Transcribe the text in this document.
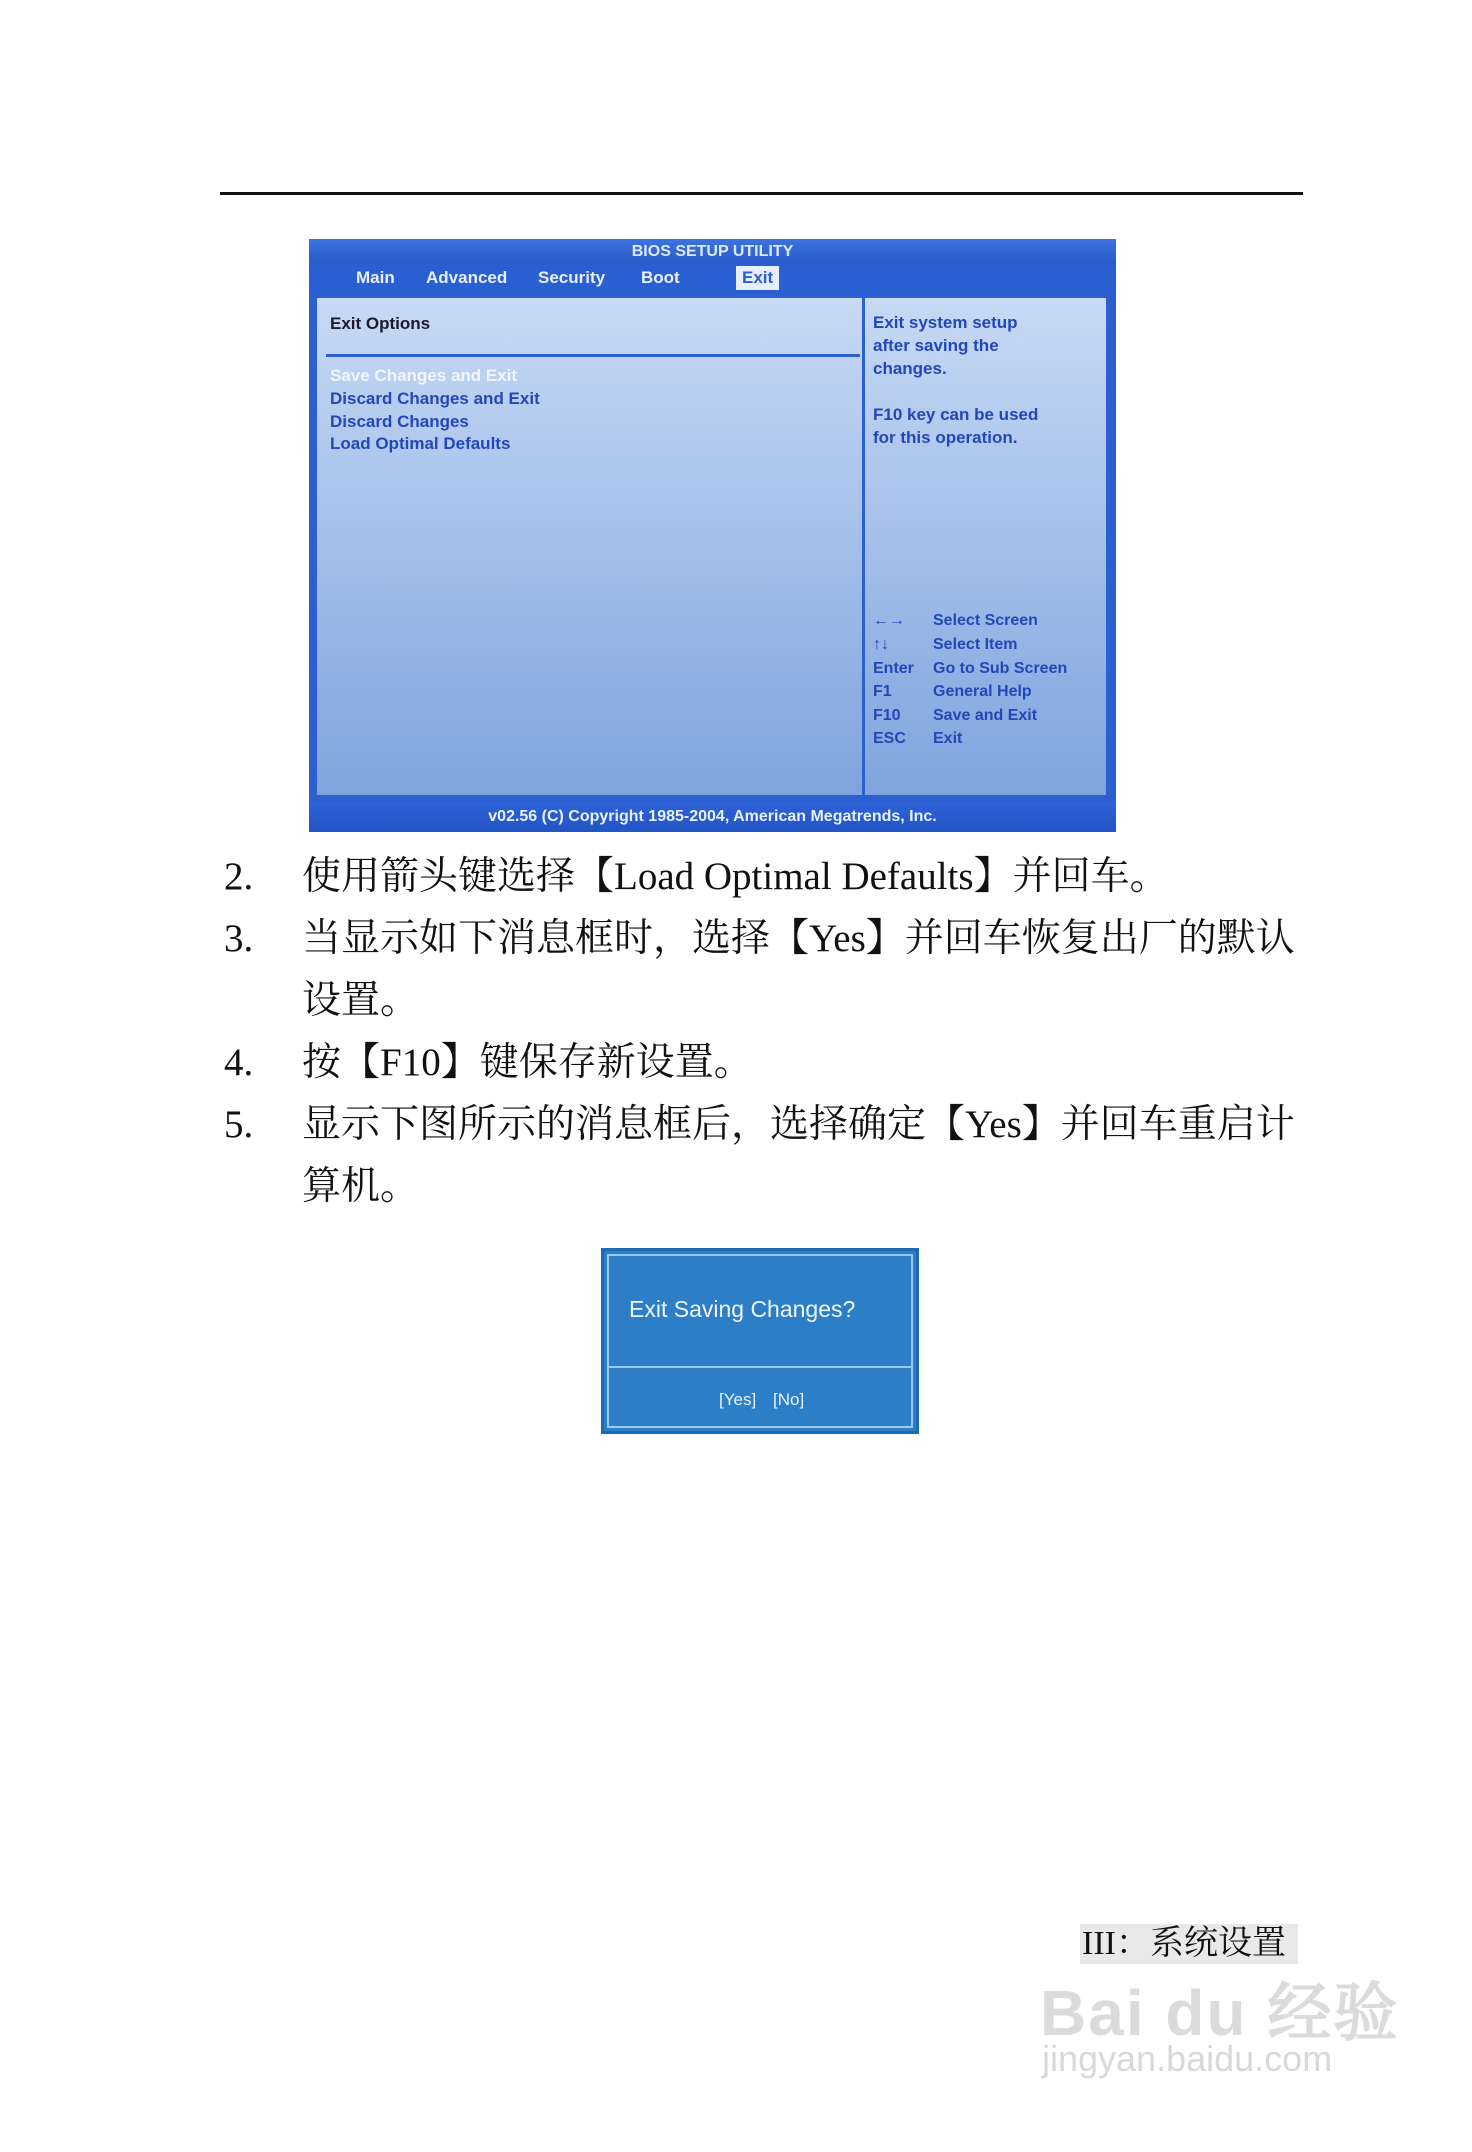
BIOS SETUP UTILITY
Main	Advanced	Security	Boot	Exit
Exit Options
Save Changes and Exit
Discard Changes and Exit
Discard Changes
Load Optimal Defaults
Exit system setup
after saving the
changes.
F10 key can be used
for this operation.
←→ Select Screen
↑↓	Select Item
Enter Go to Sub Screen
F1	General Help
F10 Save and Exit
ESC Exit
v02.56 (C) Copyright 1985-2004, American Megatrends, Inc.
2. 使用箭头键选择【Load Optimal Defaults】并回车。
3. 当显示如下消息框时，选择【Yes】并回车恢复出厂的默认
设置。
4. 按【F10】键保存新设置。
5. 显示下图所示的消息框后，选择确定【Yes】并回车重启计
算机。
Exit Saving Changes?
[Yes] [No]
III：系统设置
Bai du 经验
jingyan.baidu.com
